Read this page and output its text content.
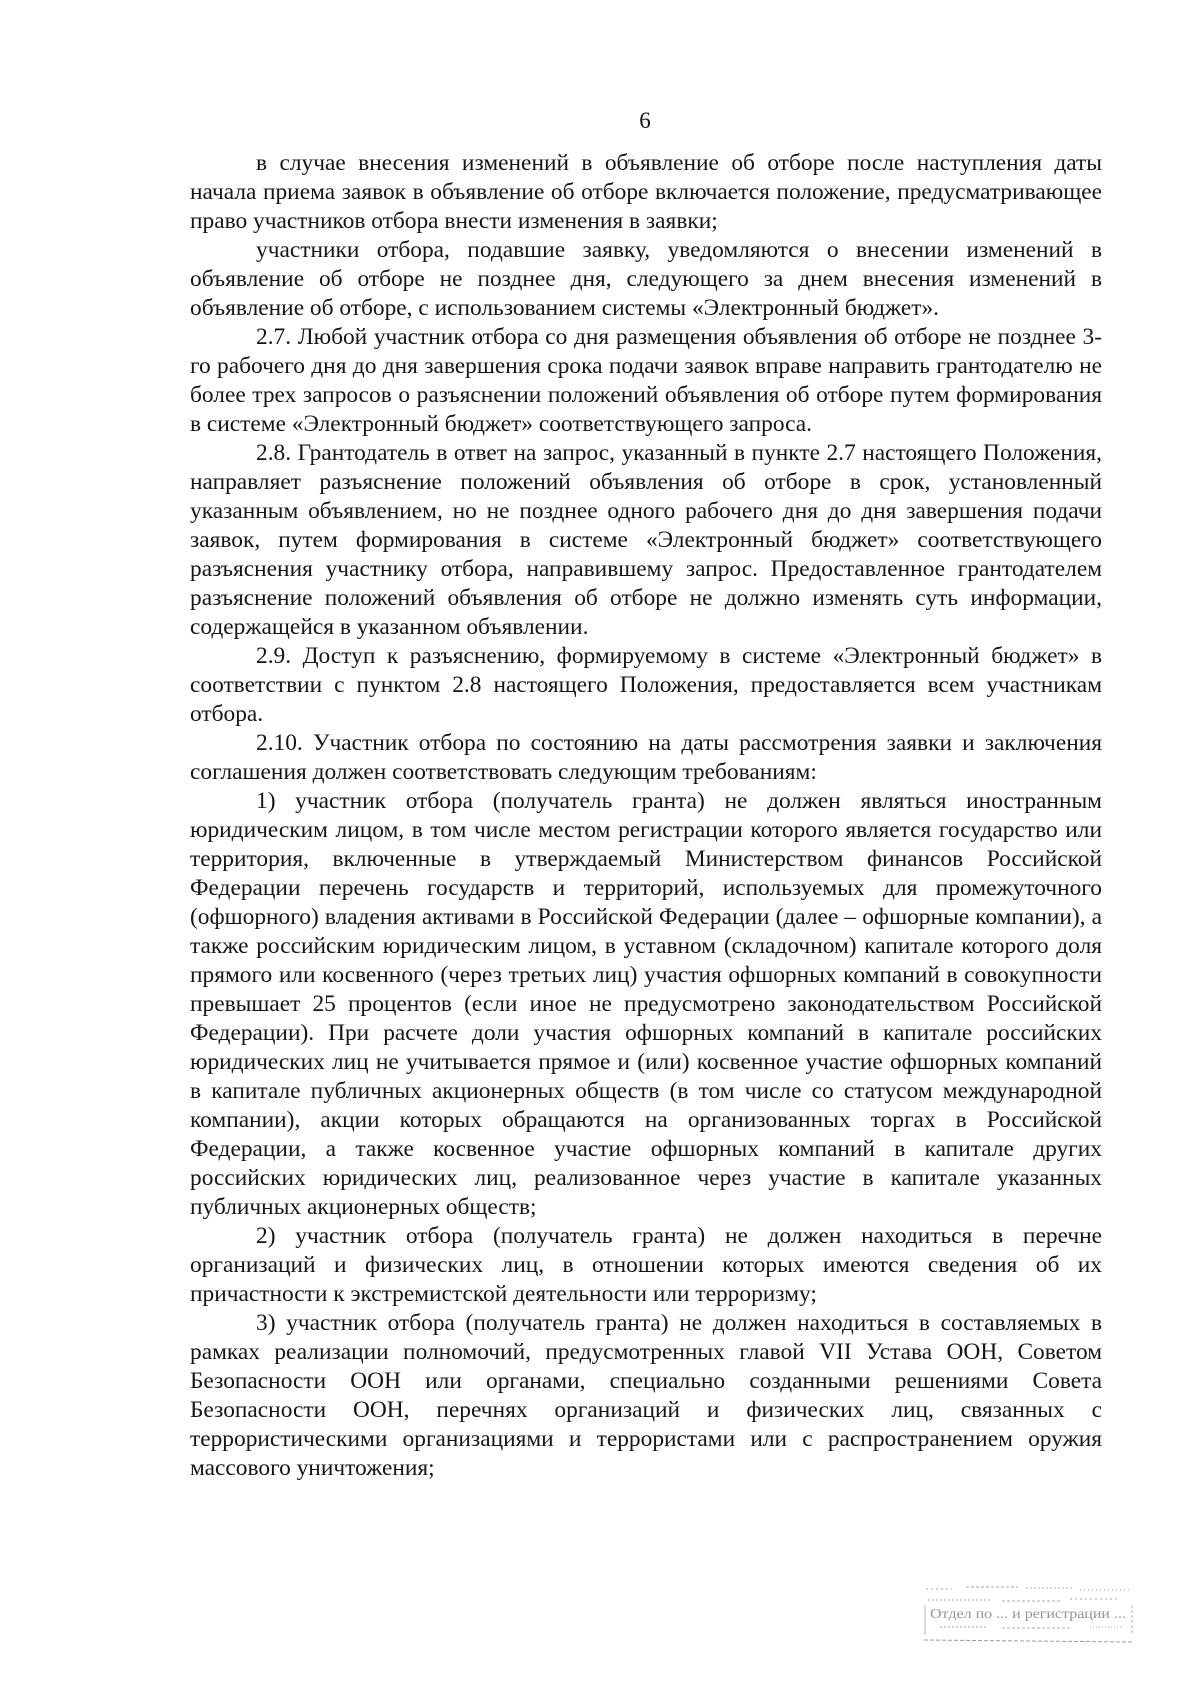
6

в случае внесения изменений в объявление об отборе после наступления даты начала приема заявок в объявление об отборе включается положение, предусматривающее право участников отбора внести изменения в заявки;

участники отбора, подавшие заявку, уведомляются о внесении изменений в объявление об отборе не позднее дня, следующего за днем внесения изменений в объявление об отборе, с использованием системы «Электронный бюджет».

2.7. Любой участник отбора со дня размещения объявления об отборе не позднее 3-го рабочего дня до дня завершения срока подачи заявок вправе направить грантодателю не более трех запросов о разъяснении положений объявления об отборе путем формирования в системе «Электронный бюджет» соответствующего запроса.

2.8. Грантодатель в ответ на запрос, указанный в пункте 2.7 настоящего Положения, направляет разъяснение положений объявления об отборе в срок, установленный указанным объявлением, но не позднее одного рабочего дня до дня завершения подачи заявок, путем формирования в системе «Электронный бюджет» соответствующего разъяснения участнику отбора, направившему запрос. Предоставленное грантодателем разъяснение положений объявления об отборе не должно изменять суть информации, содержащейся в указанном объявлении.

2.9. Доступ к разъяснению, формируемому в системе «Электронный бюджет» в соответствии с пунктом 2.8 настоящего Положения, предоставляется всем участникам отбора.

2.10. Участник отбора по состоянию на даты рассмотрения заявки и заключения соглашения должен соответствовать следующим требованиям:

1) участник отбора (получатель гранта) не должен являться иностранным юридическим лицом, в том числе местом регистрации которого является государство или территория, включенные в утверждаемый Министерством финансов Российской Федерации перечень государств и территорий, используемых для промежуточного (офшорного) владения активами в Российской Федерации (далее – офшорные компании), а также российским юридическим лицом, в уставном (складочном) капитале которого доля прямого или косвенного (через третьих лиц) участия офшорных компаний в совокупности превышает 25 процентов (если иное не предусмотрено законодательством Российской Федерации). При расчете доли участия офшорных компаний в капитале российских юридических лиц не учитывается прямое и (или) косвенное участие офшорных компаний в капитале публичных акционерных обществ (в том числе со статусом международной компании), акции которых обращаются на организованных торгах в Российской Федерации, а также косвенное участие офшорных компаний в капитале других российских юридических лиц, реализованное через участие в капитале указанных публичных акционерных обществ;

2) участник отбора (получатель гранта) не должен находиться в перечне организаций и физических лиц, в отношении которых имеются сведения об их причастности к экстремистской деятельности или терроризму;

3) участник отбора (получатель гранта) не должен находиться в составляемых в рамках реализации полномочий, предусмотренных главой VII Устава ООН, Советом Безопасности ООН или органами, специально созданными решениями Совета Безопасности ООН, перечнях организаций и физических лиц, связанных с террористическими организациями и террористами или с распространением оружия массового уничтожения;

Отдел по ... и регистрации ...
